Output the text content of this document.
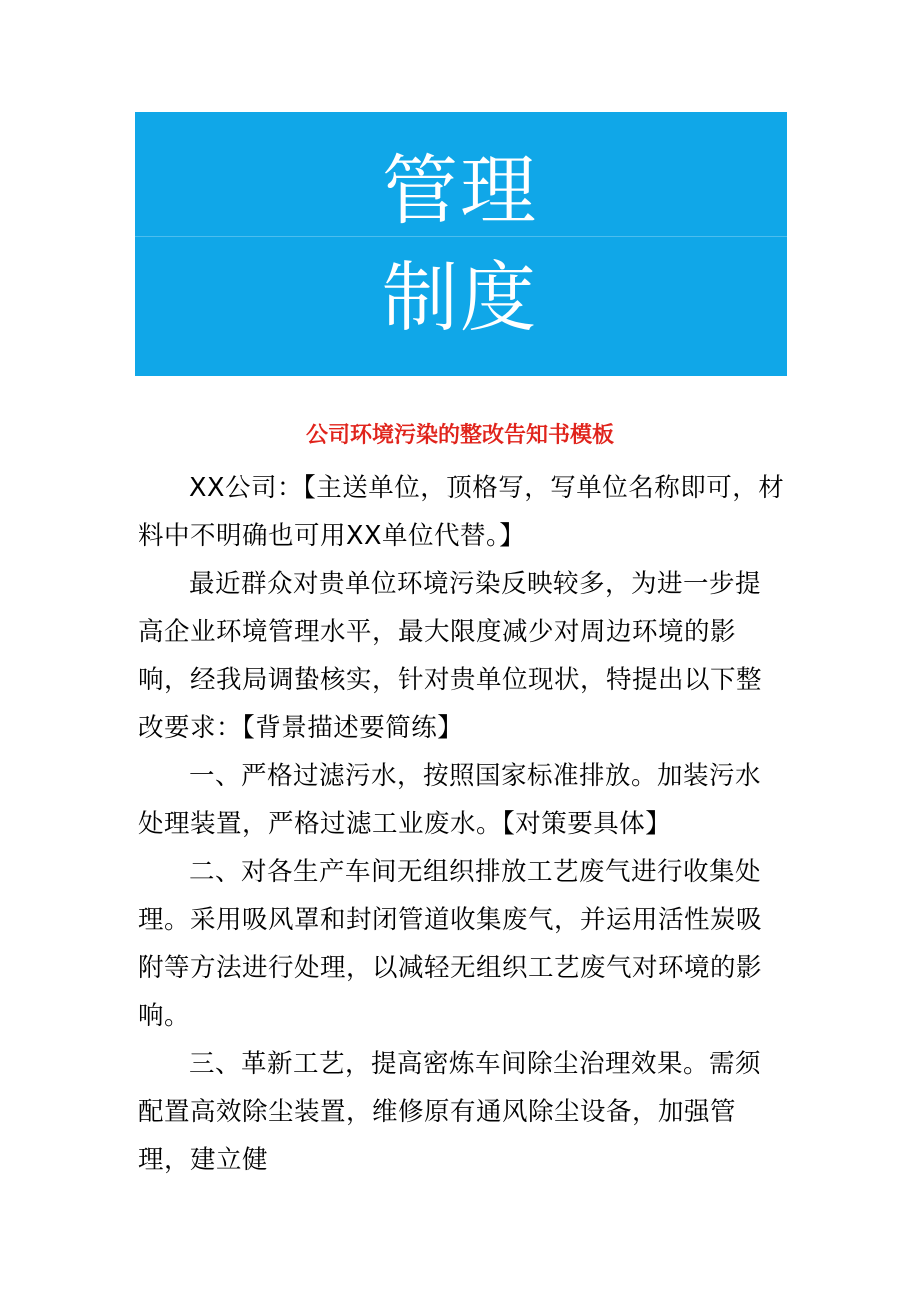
管理
制度
公司环境污染的整改告知书模板

XX公司：【主送单位，顶格写，写单位名称即可，材料中不明确也可用XX单位代替。】

最近群众对贵单位环境污染反映较多，为进一步提高企业环境管理水平，最大限度减少对周边环境的影响，经我局调蛰核实，针对贵单位现状，特提出以下整改要求：【背景描述要简练】

一、严格过滤污水，按照国家标准排放。加装污水处理装置，严格过滤工业废水。【对策要具体】

二、对各生产车间无组织排放工艺废气进行收集处理。采用吸风罩和封闭管道收集废气，并运用活性炭吸附等方法进行处理，以减轻无组织工艺废气对环境的影响。

三、革新工艺，提高密炼车间除尘治理效果。需须配置高效除尘装置，维修原有通风除尘设备，加强管理，建立健
